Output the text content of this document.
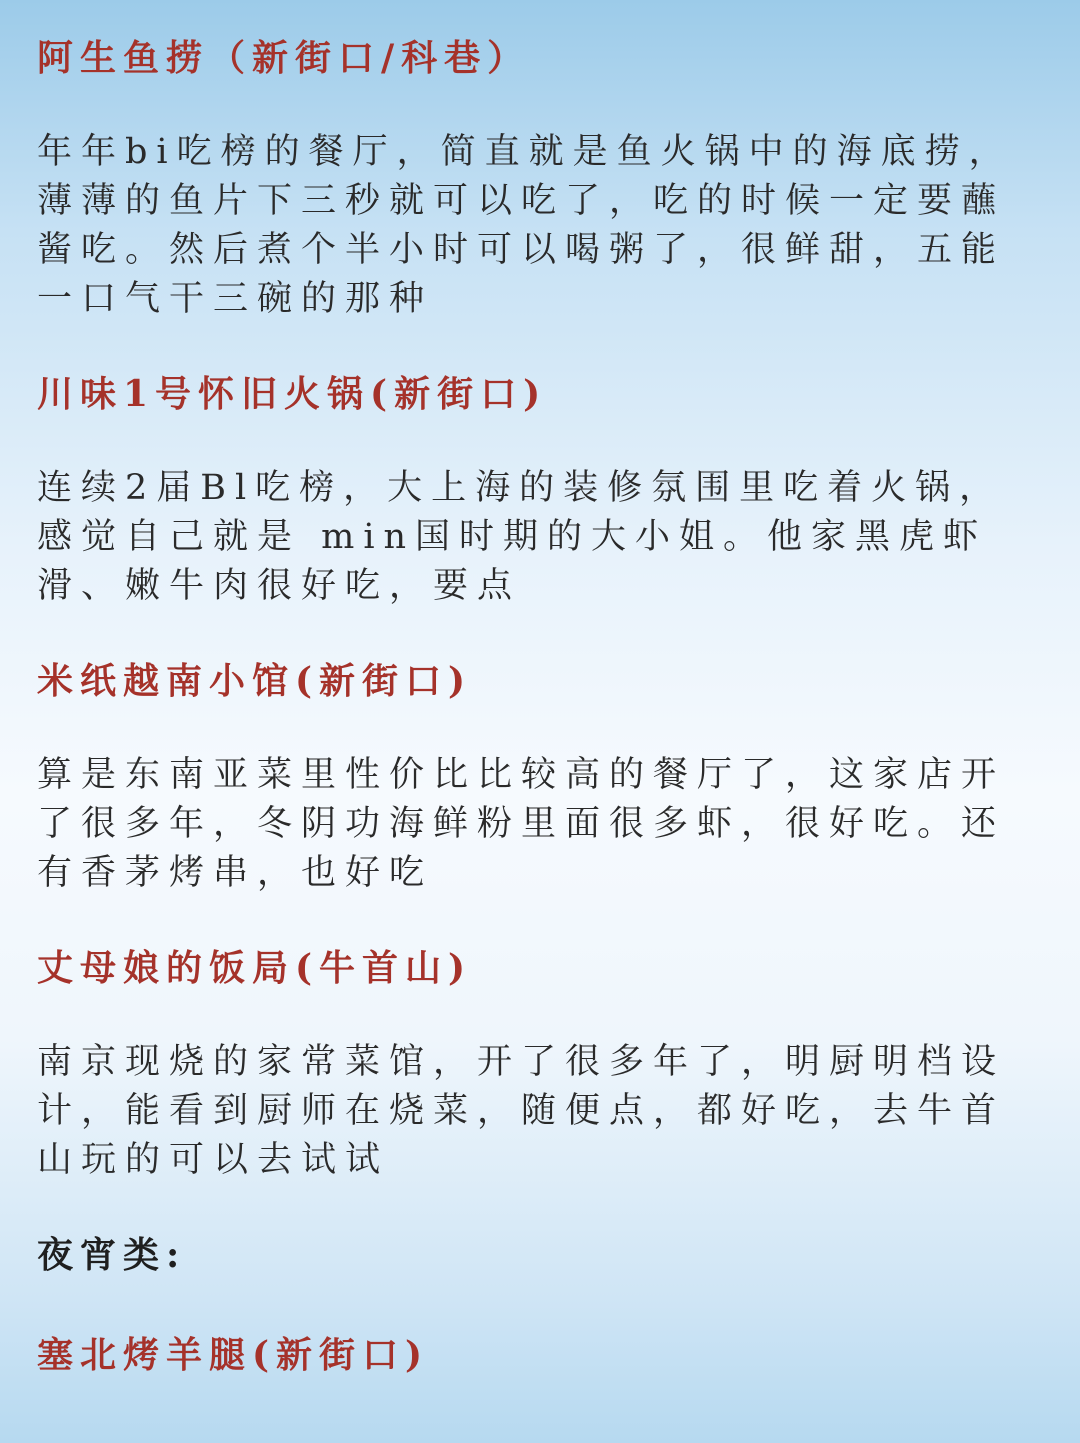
阿生鱼捞（新街口/科巷）

年年bi吃榜的餐厅，简直就是鱼火锅中的海底捞，薄薄的鱼片下三秒就可以吃了，吃的时候一定要蘸酱吃。然后煮个半小时可以喝粥了，很鲜甜，五能一口气干三碗的那种

川味1号怀旧火锅(新街口)

连续2届Bl吃榜，大上海的装修氛围里吃着火锅，感觉自己就是 min国时期的大小姐。他家黑虎虾滑、嫩牛肉很好吃，要点

米纸越南小馆(新街口)

算是东南亚菜里性价比比较高的餐厅了，这家店开了很多年，冬阴功海鲜粉里面很多虾，很好吃。还有香茅烤串，也好吃

丈母娘的饭局(牛首山)

南京现烧的家常菜馆，开了很多年了，明厨明档设计，能看到厨师在烧菜，随便点，都好吃，去牛首山玩的可以去试试

夜宵类:

塞北烤羊腿(新街口)
